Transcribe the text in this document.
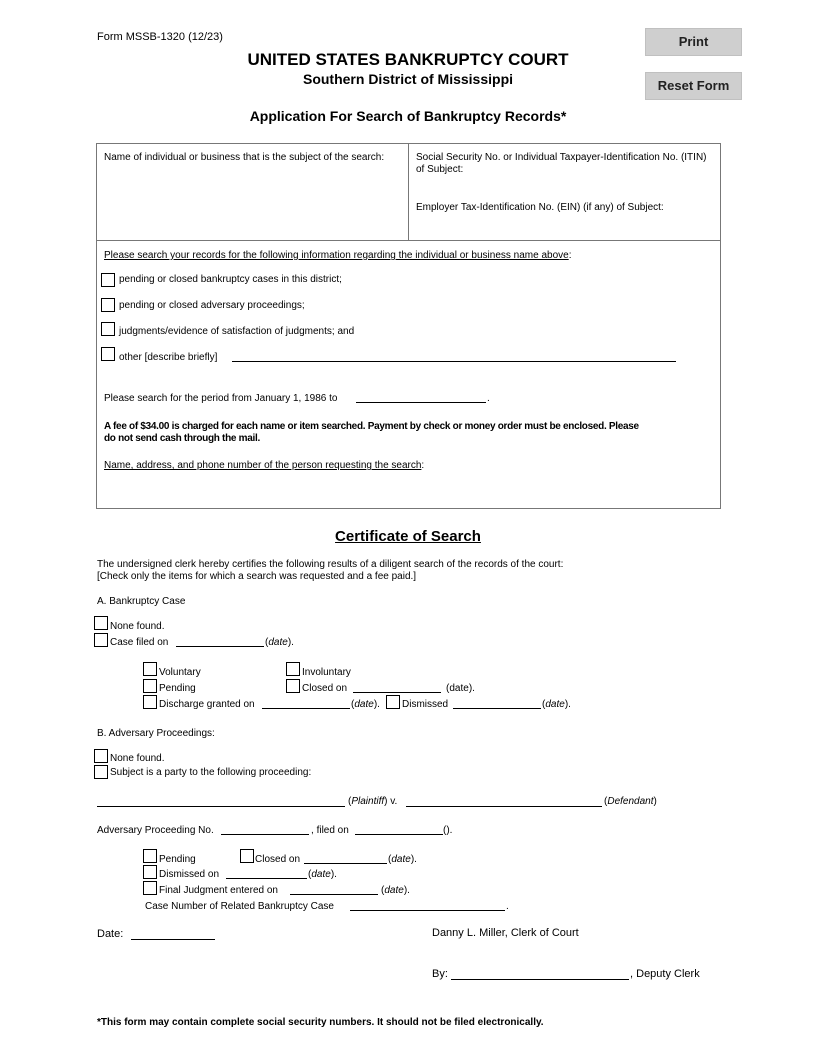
Form MSSB-1320 (12/23)
UNITED STATES BANKRUPTCY COURT
Southern District of Mississippi
Application For Search of Bankruptcy Records*
Print
Reset Form
Name of individual or business that is the subject of the search:	Social Security No. or Individual Taxpayer-Identification No. (ITIN) of Subject:
Employer Tax-Identification No. (EIN) (if any) of Subject:
Please search your records for the following information regarding the individual or business name above:
pending or closed bankruptcy cases in this district;
pending or closed adversary proceedings;
judgments/evidence of satisfaction of judgments; and
other [describe briefly]
Please search for the period from January 1, 1986 to	.
A fee of $34.00 is charged for each name or item searched. Payment by check or money order must be enclosed. Please
do not send cash through the mail.
Name, address, and phone number of the person requesting the search:
Certificate of Search
The undersigned clerk hereby certifies the following results of a diligent search of the records of the court:
[Check only the items for which a search was requested and a fee paid.]
A. Bankruptcy Case
None found.
Case filed on	(date).
Voluntary	Involuntary
Pending	Closed on	(date).
Discharge granted on	(date). Dismissed	(date).
B. Adversary Proceedings:
None found.
Subject is a party to the following proceeding:
(Plaintiff) v.	(Defendant)
Adversary Proceeding No.	, filed on	().
Pending	Closed on	(date).
Dismissed on	(date).
Final Judgment entered on	(date).
Case Number of Related Bankruptcy Case	.
Date:	Danny L. Miller, Clerk of Court
By:	, Deputy Clerk
*This form may contain complete social security numbers. It should not be filed electronically.
